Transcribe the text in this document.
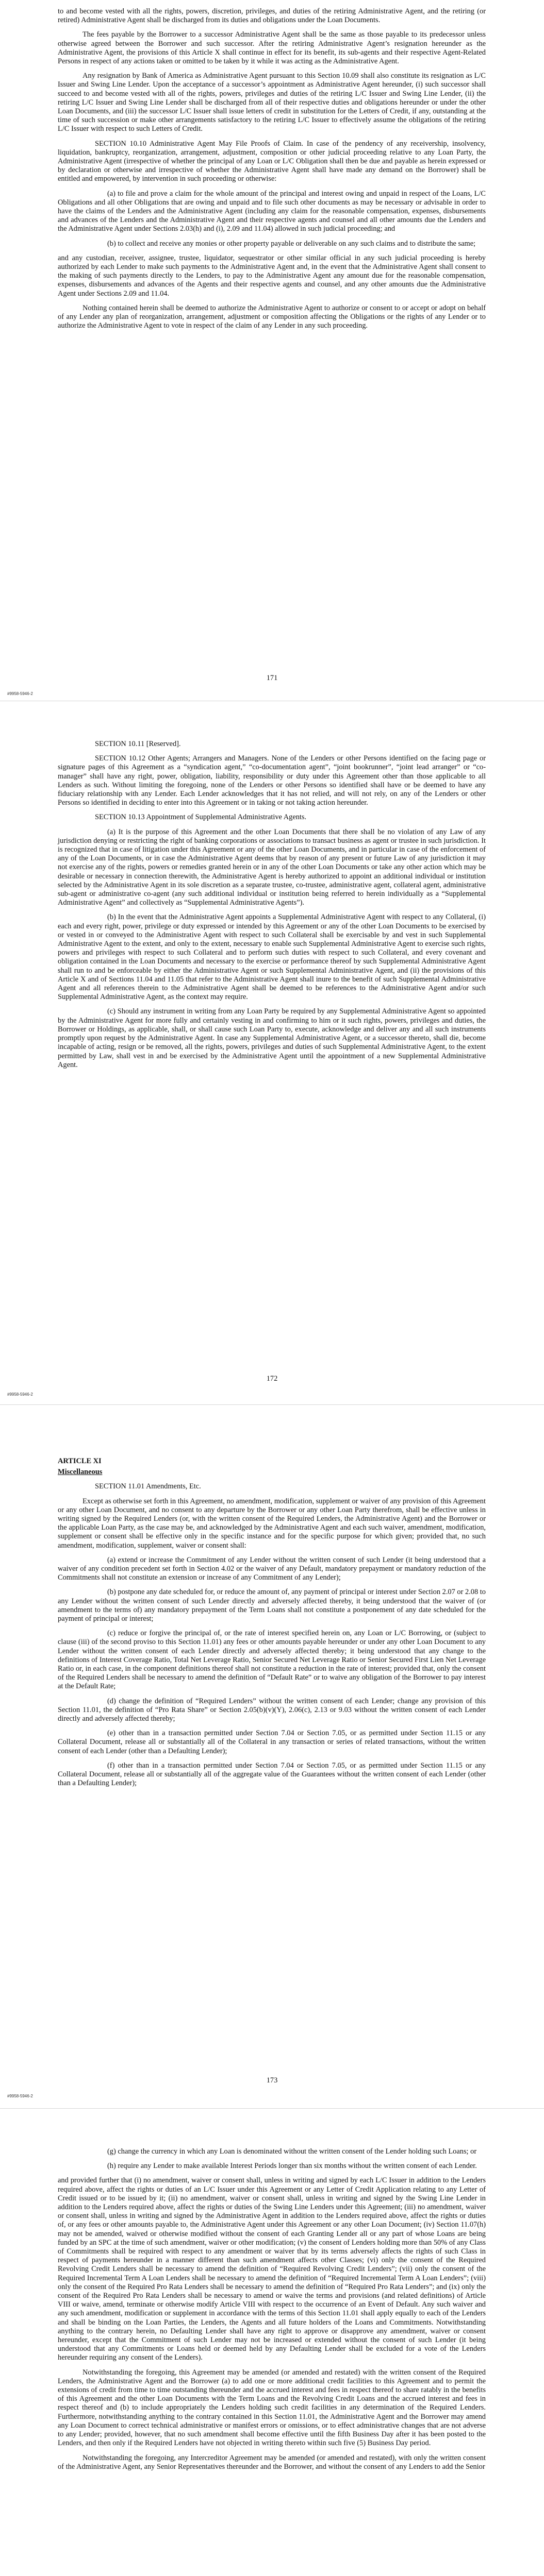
to and become vested with all the rights, powers, discretion, privileges, and duties of the retiring Administrative Agent, and the retiring (or retired) Administrative Agent shall be discharged from its duties and obligations under the Loan Documents.

The fees payable by the Borrower to a successor Administrative Agent shall be the same as those payable to its predecessor unless otherwise agreed between the Borrower and such successor. After the retiring Administrative Agent’s resignation hereunder as the Administrative Agent, the provisions of this Article X shall continue in effect for its benefit, its sub-agents and their respective Agent-Related Persons in respect of any actions taken or omitted to be taken by it while it was acting as the Administrative Agent.

Any resignation by Bank of America as Administrative Agent pursuant to this Section 10.09 shall also constitute its resignation as L/C Issuer and Swing Line Lender. Upon the acceptance of a successor’s appointment as Administrative Agent hereunder, (i) such successor shall succeed to and become vested with all of the rights, powers, privileges and duties of the retiring L/C Issuer and Swing Line Lender, (ii) the retiring L/C Issuer and Swing Line Lender shall be discharged from all of their respective duties and obligations hereunder or under the other Loan Documents, and (iii) the successor L/C Issuer shall issue letters of credit in substitution for the Letters of Credit, if any, outstanding at the time of such succession or make other arrangements satisfactory to the retiring L/C Issuer to effectively assume the obligations of the retiring L/C Issuer with respect to such Letters of Credit.

SECTION 10.10 Administrative Agent May File Proofs of Claim. In case of the pendency of any receivership, insolvency, liquidation, bankruptcy, reorganization, arrangement, adjustment, composition or other judicial proceeding relative to any Loan Party, the Administrative Agent (irrespective of whether the principal of any Loan or L/C Obligation shall then be due and payable as herein expressed or by declaration or otherwise and irrespective of whether the Administrative Agent shall have made any demand on the Borrower) shall be entitled and empowered, by intervention in such proceeding or otherwise:

(a) to file and prove a claim for the whole amount of the principal and interest owing and unpaid in respect of the Loans, L/C Obligations and all other Obligations that are owing and unpaid and to file such other documents as may be necessary or advisable in order to have the claims of the Lenders and the Administrative Agent (including any claim for the reasonable compensation, expenses, disbursements and advances of the Lenders and the Administrative Agent and their respective agents and counsel and all other amounts due the Lenders and the Administrative Agent under Sections 2.03(h) and (i), 2.09 and 11.04) allowed in such judicial proceeding; and

(b) to collect and receive any monies or other property payable or deliverable on any such claims and to distribute the same;

and any custodian, receiver, assignee, trustee, liquidator, sequestrator or other similar official in any such judicial proceeding is hereby authorized by each Lender to make such payments to the Administrative Agent and, in the event that the Administrative Agent shall consent to the making of such payments directly to the Lenders, to pay to the Administrative Agent any amount due for the reasonable compensation, expenses, disbursements and advances of the Agents and their respective agents and counsel, and any other amounts due the Administrative Agent under Sections 2.09 and 11.04.

Nothing contained herein shall be deemed to authorize the Administrative Agent to authorize or consent to or accept or adopt on behalf of any Lender any plan of reorganization, arrangement, adjustment or composition affecting the Obligations or the rights of any Lender or to authorize the Administrative Agent to vote in respect of the claim of any Lender in any such proceeding.

171
#9958-5946-2

SECTION 10.11 [Reserved].

SECTION 10.12 Other Agents; Arrangers and Managers. None of the Lenders or other Persons identified on the facing page or signature pages of this Agreement as a “syndication agent,” “co-documentation agent”, “joint bookrunner”, “joint lead arranger” or “co-manager” shall have any right, power, obligation, liability, responsibility or duty under this Agreement other than those applicable to all Lenders as such. Without limiting the foregoing, none of the Lenders or other Persons so identified shall have or be deemed to have any fiduciary relationship with any Lender. Each Lender acknowledges that it has not relied, and will not rely, on any of the Lenders or other Persons so identified in deciding to enter into this Agreement or in taking or not taking action hereunder.

SECTION 10.13 Appointment of Supplemental Administrative Agents.

(a) It is the purpose of this Agreement and the other Loan Documents that there shall be no violation of any Law of any jurisdiction denying or restricting the right of banking corporations or associations to transact business as agent or trustee in such jurisdiction. It is recognized that in case of litigation under this Agreement or any of the other Loan Documents, and in particular in case of the enforcement of any of the Loan Documents, or in case the Administrative Agent deems that by reason of any present or future Law of any jurisdiction it may not exercise any of the rights, powers or remedies granted herein or in any of the other Loan Documents or take any other action which may be desirable or necessary in connection therewith, the Administrative Agent is hereby authorized to appoint an additional individual or institution selected by the Administrative Agent in its sole discretion as a separate trustee, co-trustee, administrative agent, collateral agent, administrative sub-agent or administrative co-agent (any such additional individual or institution being referred to herein individually as a “Supplemental Administrative Agent” and collectively as “Supplemental Administrative Agents”).

(b) In the event that the Administrative Agent appoints a Supplemental Administrative Agent with respect to any Collateral, (i) each and every right, power, privilege or duty expressed or intended by this Agreement or any of the other Loan Documents to be exercised by or vested in or conveyed to the Administrative Agent with respect to such Collateral shall be exercisable by and vest in such Supplemental Administrative Agent to the extent, and only to the extent, necessary to enable such Supplemental Administrative Agent to exercise such rights, powers and privileges with respect to such Collateral and to perform such duties with respect to such Collateral, and every covenant and obligation contained in the Loan Documents and necessary to the exercise or performance thereof by such Supplemental Administrative Agent shall run to and be enforceable by either the Administrative Agent or such Supplemental Administrative Agent, and (ii) the provisions of this Article X and of Sections 11.04 and 11.05 that refer to the Administrative Agent shall inure to the benefit of such Supplemental Administrative Agent and all references therein to the Administrative Agent shall be deemed to be references to the Administrative Agent and/or such Supplemental Administrative Agent, as the context may require.

(c) Should any instrument in writing from any Loan Party be required by any Supplemental Administrative Agent so appointed by the Administrative Agent for more fully and certainly vesting in and confirming to him or it such rights, powers, privileges and duties, the Borrower or Holdings, as applicable, shall, or shall cause such Loan Party to, execute, acknowledge and deliver any and all such instruments promptly upon request by the Administrative Agent. In case any Supplemental Administrative Agent, or a successor thereto, shall die, become incapable of acting, resign or be removed, all the rights, powers, privileges and duties of such Supplemental Administrative Agent, to the extent permitted by Law, shall vest in and be exercised by the Administrative Agent until the appointment of a new Supplemental Administrative Agent.

172
#9958-5946-2

ARTICLE XI

Miscellaneous

SECTION 11.01 Amendments, Etc.

Except as otherwise set forth in this Agreement, no amendment, modification, supplement or waiver of any provision of this Agreement or any other Loan Document, and no consent to any departure by the Borrower or any other Loan Party therefrom, shall be effective unless in writing signed by the Required Lenders (or, with the written consent of the Required Lenders, the Administrative Agent) and the Borrower or the applicable Loan Party, as the case may be, and acknowledged by the Administrative Agent and each such waiver, amendment, modification, supplement or consent shall be effective only in the specific instance and for the specific purpose for which given; provided that, no such amendment, modification, supplement, waiver or consent shall:

(a) extend or increase the Commitment of any Lender without the written consent of such Lender (it being understood that a waiver of any condition precedent set forth in Section 4.02 or the waiver of any Default, mandatory prepayment or mandatory reduction of the Commitments shall not constitute an extension or increase of any Commitment of any Lender);

(b) postpone any date scheduled for, or reduce the amount of, any payment of principal or interest under Section 2.07 or 2.08 to any Lender without the written consent of such Lender directly and adversely affected thereby, it being understood that the waiver of (or amendment to the terms of) any mandatory prepayment of the Term Loans shall not constitute a postponement of any date scheduled for the payment of principal or interest;

(c) reduce or forgive the principal of, or the rate of interest specified herein on, any Loan or L/C Borrowing, or (subject to clause (iii) of the second proviso to this Section 11.01) any fees or other amounts payable hereunder or under any other Loan Document to any Lender without the written consent of each Lender directly and adversely affected thereby; it being understood that any change to the definitions of Interest Coverage Ratio, Total Net Leverage Ratio, Senior Secured Net Leverage Ratio or Senior Secured First Lien Net Leverage Ratio or, in each case, in the component definitions thereof shall not constitute a reduction in the rate of interest; provided that, only the consent of the Required Lenders shall be necessary to amend the definition of “Default Rate” or to waive any obligation of the Borrower to pay interest at the Default Rate;

(d) change the definition of “Required Lenders” without the written consent of each Lender; change any provision of this Section 11.01, the definition of “Pro Rata Share” or Section 2.05(b)(v)(Y), 2.06(c), 2.13 or 9.03 without the written consent of each Lender directly and adversely affected thereby;

(e) other than in a transaction permitted under Section 7.04 or Section 7.05, or as permitted under Section 11.15 or any Collateral Document, release all or substantially all of the Collateral in any transaction or series of related transactions, without the written consent of each Lender (other than a Defaulting Lender);

(f) other than in a transaction permitted under Section 7.04 or Section 7.05, or as permitted under Section 11.15 or any Collateral Document, release all or substantially all of the aggregate value of the Guarantees without the written consent of each Lender (other than a Defaulting Lender);

173
#9958-5946-2

(g) change the currency in which any Loan is denominated without the written consent of the Lender holding such Loans; or

(h) require any Lender to make available Interest Periods longer than six months without the written consent of each Lender.

and provided further that (i) no amendment, waiver or consent shall, unless in writing and signed by each L/C Issuer in addition to the Lenders required above, affect the rights or duties of an L/C Issuer under this Agreement or any Letter of Credit Application relating to any Letter of Credit issued or to be issued by it; (ii) no amendment, waiver or consent shall, unless in writing and signed by the Swing Line Lender in addition to the Lenders required above, affect the rights or duties of the Swing Line Lenders under this Agreement; (iii) no amendment, waiver or consent shall, unless in writing and signed by the Administrative Agent in addition to the Lenders required above, affect the rights or duties of, or any fees or other amounts payable to, the Administrative Agent under this Agreement or any other Loan Document; (iv) Section 11.07(h) may not be amended, waived or otherwise modified without the consent of each Granting Lender all or any part of whose Loans are being funded by an SPC at the time of such amendment, waiver or other modification; (v) the consent of Lenders holding more than 50% of any Class of Commitments shall be required with respect to any amendment or waiver that by its terms adversely affects the rights of such Class in respect of payments hereunder in a manner different than such amendment affects other Classes; (vi) only the consent of the Required Revolving Credit Lenders shall be necessary to amend the definition of “Required Revolving Credit Lenders”; (vii) only the consent of the Required Incremental Term A Loan Lenders shall be necessary to amend the definition of “Required Incremental Term A Loan Lenders”; (viii) only the consent of the Required Pro Rata Lenders shall be necessary to amend the definition of “Required Pro Rata Lenders”; and (ix) only the consent of the Required Pro Rata Lenders shall be necessary to amend or waive the terms and provisions (and related definitions) of Article VIII or waive, amend, terminate or otherwise modify Article VIII with respect to the occurrence of an Event of Default. Any such waiver and any such amendment, modification or supplement in accordance with the terms of this Section 11.01 shall apply equally to each of the Lenders and shall be binding on the Loan Parties, the Lenders, the Agents and all future holders of the Loans and Commitments. Notwithstanding anything to the contrary herein, no Defaulting Lender shall have any right to approve or disapprove any amendment, waiver or consent hereunder, except that the Commitment of such Lender may not be increased or extended without the consent of such Lender (it being understood that any Commitments or Loans held or deemed held by any Defaulting Lender shall be excluded for a vote of the Lenders hereunder requiring any consent of the Lenders).

Notwithstanding the foregoing, this Agreement may be amended (or amended and restated) with the written consent of the Required Lenders, the Administrative Agent and the Borrower (a) to add one or more additional credit facilities to this Agreement and to permit the extensions of credit from time to time outstanding thereunder and the accrued interest and fees in respect thereof to share ratably in the benefits of this Agreement and the other Loan Documents with the Term Loans and the Revolving Credit Loans and the accrued interest and fees in respect thereof and (b) to include appropriately the Lenders holding such credit facilities in any determination of the Required Lenders. Furthermore, notwithstanding anything to the contrary contained in this Section 11.01, the Administrative Agent and the Borrower may amend any Loan Document to correct technical administrative or manifest errors or omissions, or to effect administrative changes that are not adverse to any Lender; provided, however, that no such amendment shall become effective until the fifth Business Day after it has been posted to the Lenders, and then only if the Required Lenders have not objected in writing thereto within such five (5) Business Day period.

Notwithstanding the foregoing, any Intercreditor Agreement may be amended (or amended and restated), with only the written consent of the Administrative Agent, any Senior Representatives thereunder and the Borrower, and without the consent of any Lenders to add the Senior
